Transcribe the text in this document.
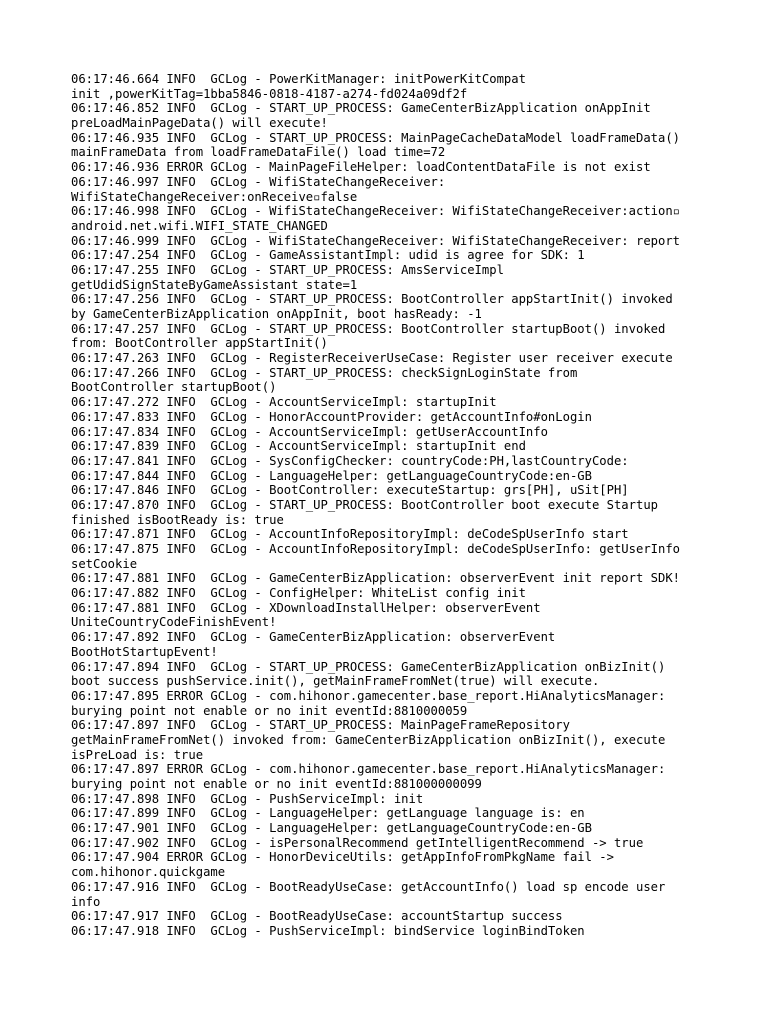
06:17:46.664 INFO  GCLog - PowerKitManager: initPowerKitCompat
init ,powerKitTag=1bba5846-0818-4187-a274-fd024a09df2f
06:17:46.852 INFO  GCLog - START_UP_PROCESS: GameCenterBizApplication onAppInit
preLoadMainPageData() will execute!
06:17:46.935 INFO  GCLog - START_UP_PROCESS: MainPageCacheDataModel loadFrameData()
mainFrameData from loadFrameDataFile() load time=72
06:17:46.936 ERROR GCLog - MainPageFileHelper: loadContentDataFile is not exist
06:17:46.997 INFO  GCLog - WifiStateChangeReceiver:
WifiStateChangeReceiver:onReceive▫false
06:17:46.998 INFO  GCLog - WifiStateChangeReceiver: WifiStateChangeReceiver:action▫
android.net.wifi.WIFI_STATE_CHANGED
06:17:46.999 INFO  GCLog - WifiStateChangeReceiver: WifiStateChangeReceiver: report
06:17:47.254 INFO  GCLog - GameAssistantImpl: udid is agree for SDK: 1
06:17:47.255 INFO  GCLog - START_UP_PROCESS: AmsServiceImpl
getUdidSignStateByGameAssistant state=1
06:17:47.256 INFO  GCLog - START_UP_PROCESS: BootController appStartInit() invoked
by GameCenterBizApplication onAppInit, boot hasReady: -1
06:17:47.257 INFO  GCLog - START_UP_PROCESS: BootController startupBoot() invoked
from: BootController appStartInit()
06:17:47.263 INFO  GCLog - RegisterReceiverUseCase: Register user receiver execute
06:17:47.266 INFO  GCLog - START_UP_PROCESS: checkSignLoginState from
BootController startupBoot()
06:17:47.272 INFO  GCLog - AccountServiceImpl: startupInit
06:17:47.833 INFO  GCLog - HonorAccountProvider: getAccountInfo#onLogin
06:17:47.834 INFO  GCLog - AccountServiceImpl: getUserAccountInfo
06:17:47.839 INFO  GCLog - AccountServiceImpl: startupInit end
06:17:47.841 INFO  GCLog - SysConfigChecker: countryCode:PH,lastCountryCode:
06:17:47.844 INFO  GCLog - LanguageHelper: getLanguageCountryCode:en-GB
06:17:47.846 INFO  GCLog - BootController: executeStartup: grs[PH], uSit[PH]
06:17:47.870 INFO  GCLog - START_UP_PROCESS: BootController boot execute Startup
finished isBootReady is: true
06:17:47.871 INFO  GCLog - AccountInfoRepositoryImpl: deCodeSpUserInfo start
06:17:47.875 INFO  GCLog - AccountInfoRepositoryImpl: deCodeSpUserInfo: getUserInfo
setCookie
06:17:47.881 INFO  GCLog - GameCenterBizApplication: observerEvent init report SDK!
06:17:47.882 INFO  GCLog - ConfigHelper: WhiteList config init
06:17:47.881 INFO  GCLog - XDownloadInstallHelper: observerEvent
UniteCountryCodeFinishEvent!
06:17:47.892 INFO  GCLog - GameCenterBizApplication: observerEvent
BootHotStartupEvent!
06:17:47.894 INFO  GCLog - START_UP_PROCESS: GameCenterBizApplication onBizInit()
boot success pushService.init(), getMainFrameFromNet(true) will execute.
06:17:47.895 ERROR GCLog - com.hihonor.gamecenter.base_report.HiAnalyticsManager:
burying point not enable or no init eventId:8810000059
06:17:47.897 INFO  GCLog - START_UP_PROCESS: MainPageFrameRepository
getMainFrameFromNet() invoked from: GameCenterBizApplication onBizInit(), execute
isPreLoad is: true
06:17:47.897 ERROR GCLog - com.hihonor.gamecenter.base_report.HiAnalyticsManager:
burying point not enable or no init eventId:881000000099
06:17:47.898 INFO  GCLog - PushServiceImpl: init
06:17:47.899 INFO  GCLog - LanguageHelper: getLanguage language is: en
06:17:47.901 INFO  GCLog - LanguageHelper: getLanguageCountryCode:en-GB
06:17:47.902 INFO  GCLog - isPersonalRecommend getIntelligentRecommend -> true
06:17:47.904 ERROR GCLog - HonorDeviceUtils: getAppInfoFromPkgName fail ->
com.hihonor.quickgame
06:17:47.916 INFO  GCLog - BootReadyUseCase: getAccountInfo() load sp encode user
info
06:17:47.917 INFO  GCLog - BootReadyUseCase: accountStartup success
06:17:47.918 INFO  GCLog - PushServiceImpl: bindService loginBindToken
